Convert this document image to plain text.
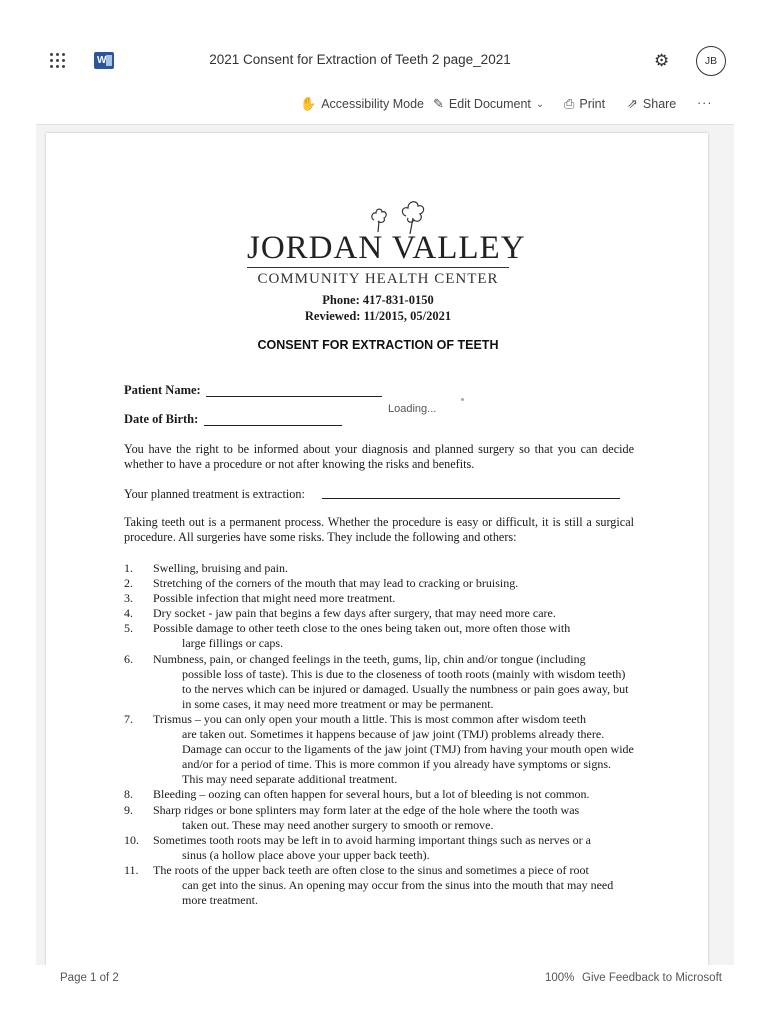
W	2021 Consent for Extraction of Teeth 2 page_2021	⚙	JB
✋ Accessibility Mode ✎ Edit Document ⌄ ⎙ Print ⇗ Share ···
JORDAN VALLEY
COMMUNITY HEALTH CENTER
Phone: 417-831-0150
Reviewed: 11/2015, 05/2021
CONSENT FOR EXTRACTION OF TEETH
Patient Name:
Date of Birth:
Loading...
You have the right to be informed about your diagnosis and planned surgery so that you can decide whether to have a procedure or not after knowing the risks and benefits.
Your planned treatment is extraction:
Taking teeth out is a permanent process. Whether the procedure is easy or difficult, it is still a surgical procedure. All surgeries have some risks. They include the following and others:
1. Swelling, bruising and pain.
2. Stretching of the corners of the mouth that may lead to cracking or bruising.
3. Possible infection that might need more treatment.
4. Dry socket - jaw pain that begins a few days after surgery, that may need more care.
5. Possible damage to other teeth close to the ones being taken out, more often those with
large fillings or caps.
6. Numbness, pain, or changed feelings in the teeth, gums, lip, chin and/or tongue (including
possible loss of taste). This is due to the closeness of tooth roots (mainly with wisdom teeth) to the nerves which can be injured or damaged. Usually the numbness or pain goes away, but in some cases, it may need more treatment or may be permanent.
7. Trismus – you can only open your mouth a little. This is most common after wisdom teeth
are taken out. Sometimes it happens because of jaw joint (TMJ) problems already there. Damage can occur to the ligaments of the jaw joint (TMJ) from having your mouth open wide and/or for a period of time. This is more common if you already have symptoms or signs. This may need separate additional treatment.
8. Bleeding – oozing can often happen for several hours, but a lot of bleeding is not common.
9. Sharp ridges or bone splinters may form later at the edge of the hole where the tooth was
taken out. These may need another surgery to smooth or remove.
10. Sometimes tooth roots may be left in to avoid harming important things such as nerves or a
sinus (a hollow place above your upper back teeth).
11. The roots of the upper back teeth are often close to the sinus and sometimes a piece of root
can get into the sinus. An opening may occur from the sinus into the mouth that may need more treatment.
Page 1 of 2	100% Give Feedback to Microsoft
